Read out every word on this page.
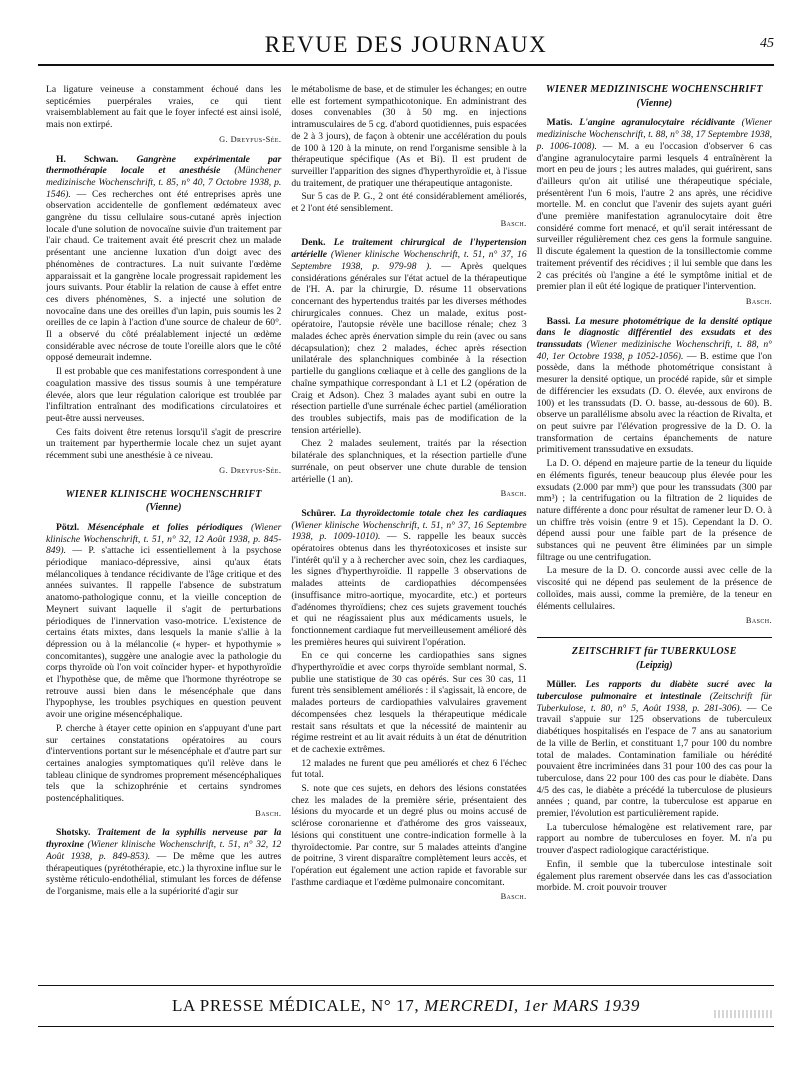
REVUE DES JOURNAUX	45

La ligature veineuse a constamment échoué dans les septicémies puerpérales vraies, ce qui tient vraisemblablement au fait que le foyer infecté est ainsi isolé, mais non extirpé.

G. Dreyfus-Sée.

H. Schwan. Gangrène expérimentale par thermothérapie locale et anesthésie (Münchener medizinische Wochenschrift, t. 85, n° 40, 7 Octobre 1938, p. 1546). — Ces recherches ont été entreprises après une observation accidentelle de gonflement œdémateux avec gangrène du tissu cellulaire sous-cutané après injection locale d'une solution de novocaïne suivie d'un traitement par l'air chaud. Ce traitement avait été prescrit chez un malade présentant une ancienne luxation d'un doigt avec des phénomènes de contractures. La nuit suivante l'œdème apparaissait et la gangrène locale progressait rapidement les jours suivants. Pour établir la relation de cause à effet entre ces divers phénomènes, S. a injecté une solution de novocaïne dans une des oreilles d'un lapin, puis soumis les 2 oreilles de ce lapin à l'action d'une source de chaleur de 60°. Il a observé du côté préalablement injecté un œdème considérable avec nécrose de toute l'oreille alors que le côté opposé demeurait indemne.

Il est probable que ces manifestations correspondent à une coagulation massive des tissus soumis à une température élevée, alors que leur régulation calorique est troublée par l'infiltration entraînant des modifications circulatoires et peut-être aussi nerveuses.

Ces faits doivent être retenus lorsqu'il s'agit de prescrire un traitement par hyperthermie locale chez un sujet ayant récemment subi une anesthésie à ce niveau.

G. Dreyfus-Sée.
WIENER KLINISCHE WOCHENSCHRIFT
(Vienne)

Pötzl. Mésencéphale et folies périodiques (Wiener klinische Wochenschrift, t. 51, n° 32, 12 Août 1938, p. 845-849). — P. s'attache ici essentiellement à la psychose périodique maniaco-dépressive, ainsi qu'aux états mélancoliques à tendance récidivante de l'âge critique et des années suivantes. Il rappelle l'absence de substratum anatomo-pathologique connu, et la vieille conception de Meynert suivant laquelle il s'agit de perturbations périodiques de l'innervation vaso-motrice. L'existence de certains états mixtes, dans lesquels la manie s'allie à la dépression ou à la mélancolie (« hyper- et hypothymie » concomitantes), suggère une analogie avec la pathologie du corps thyroïde où l'on voit coïncider hyper- et hypothyroïdie et l'hypothèse que, de même que l'hormone thyréotrope se retrouve aussi bien dans le mésencéphale que dans l'hypophyse, les troubles psychiques en question peuvent avoir une origine mésencéphalique.

P. cherche à étayer cette opinion en s'appuyant d'une part sur certaines constatations opératoires au cours d'interventions portant sur le mésencéphale et d'autre part sur certaines analogies symptomatiques qu'il relève dans le tableau clinique de syndromes proprement mésencéphaliques tels que la schizophrénie et certains syndromes postencéphalitiques.

Basch.

Shotsky. Traitement de la syphilis nerveuse par la thyroxine (Wiener klinische Wochenschrift, t. 51, n° 32, 12 Août 1938, p. 849-853). — De même que les autres thérapeutiques (pyrétothérapie, etc.) la thyroxine influe sur le système réticulo-endothélial, stimulant les forces de défense de l'organisme, mais elle a la supériorité d'agir sur

le métabolisme de base, et de stimuler les échanges; en outre elle est fortement sympathicotonique. En administrant des doses convenables (30 à 50 mg. en injections intramusculaires de 5 cg. d'abord quotidiennes, puis espacées de 2 à 3 jours), de façon à obtenir une accélération du pouls de 100 à 120 à la minute, on rend l'organisme sensible à la thérapeutique spécifique (As et Bi). Il est prudent de surveiller l'apparition des signes d'hyperthyroïdie et, à l'issue du traitement, de pratiquer une thérapeutique antagoniste.

Sur 5 cas de P. G., 2 ont été considérablement améliorés, et 2 l'ont été sensiblement.

Basch.

Denk. Le traitement chirurgical de l'hypertension artérielle (Wiener klinische Wochenschrift, t. 51, n° 37, 16 Septembre 1938, p. 979-98 ). — Après quelques considérations générales sur l'état actuel de la thérapeutique de l'H. A. par la chirurgie, D. résume 11 observations concernant des hypertendus traités par les diverses méthodes chirurgicales connues. Chez un malade, exitus post-opératoire, l'autopsie révèle une bacillose rénale; chez 3 malades échec après énervation simple du rein (avec ou sans décapsulation); chez 2 malades, échec après résection unilatérale des splanchniques combinée à la résection partielle du ganglions cœliaque et à celle des ganglions de la chaîne sympathique correspondant à L1 et L2 (opération de Craig et Adson). Chez 3 malades ayant subi en outre la résection partielle d'une surrénale échec partiel (amélioration des troubles subjectifs, mais pas de modification de la tension artérielle).

Chez 2 malades seulement, traités par la résection bilatérale des splanchniques, et la résection partielle d'une surrénale, on peut observer une chute durable de tension artérielle (1 an).

Basch.

Schürer. La thyroïdectomie totale chez les cardiaques (Wiener klinische Wochenschrift, t. 51, n° 37, 16 Septembre 1938, p. 1009-1010). — S. rappelle les beaux succès opératoires obtenus dans les thyréotoxicoses et insiste sur l'intérêt qu'il y a à rechercher avec soin, chez les cardiaques, les signes d'hyperthyroïdie. Il rappelle 3 observations de malades atteints de cardiopathies décompensées (insuffisance mitro-aortique, myocardite, etc.) et porteurs d'adénomes thyroïdiens; chez ces sujets gravement touchés et qui ne réagissaient plus aux médicaments usuels, le fonctionnement cardiaque fut merveilleusement amélioré dès les premières heures qui suivirent l'opération.

En ce qui concerne les cardiopathies sans signes d'hyperthyroïdie et avec corps thyroïde semblant normal, S. publie une statistique de 30 cas opérés. Sur ces 30 cas, 11 furent très sensiblement améliorés : il s'agissait, là encore, de malades porteurs de cardiopathies valvulaires gravement décompensées chez lesquels la thérapeutique médicale restait sans résultats et que la nécessité de maintenir au régime restreint et au lit avait réduits à un état de dénutrition et de cachexie extrêmes.

12 malades ne furent que peu améliorés et chez 6 l'échec fut total.

S. note que ces sujets, en dehors des lésions constatées chez les malades de la première série, présentaient des lésions du myocarde et un degré plus ou moins accusé de sclérose coronarienne et d'athérome des gros vaisseaux, lésions qui constituent une contre-indication formelle à la thyroïdectomie. Par contre, sur 5 malades atteints d'angine de poitrine, 3 virent disparaître complètement leurs accès, et l'opération eut également une action rapide et favorable sur l'asthme cardiaque et l'œdème pulmonaire concomitant.

Basch.
WIENER MEDIZINISCHE WOCHENSCHRIFT
(Vienne)

Matis. L'angine agranulocytaire récidivante (Wiener medizinische Wochenschrift, t. 88, n° 38, 17 Septembre 1938, p. 1006-1008). — M. a eu l'occasion d'observer 6 cas d'angine agranulocytaire parmi lesquels 4 entraînèrent la mort en peu de jours ; les autres malades, qui guérirent, sans d'ailleurs qu'on ait utilisé une thérapeutique spéciale, présentèrent l'un 6 mois, l'autre 2 ans après, une récidive mortelle. M. en conclut que l'avenir des sujets ayant guéri d'une première manifestation agranulocytaire doit être considéré comme fort menacé, et qu'il serait intéressant de surveiller régulièrement chez ces gens la formule sanguine. Il discute également la question de la tonsillectomie comme traitement préventif des récidives ; il lui semble que dans les 2 cas précités où l'angine a été le symptôme initial et de premier plan il eût été logique de pratiquer l'intervention.

Basch.

Bassi. La mesure photométrique de la densité optique dans le diagnostic différentiel des exsudats et des transsudats (Wiener medizinische Wochenschrift, t. 88, n° 40, 1er Octobre 1938, p 1052-1056). — B. estime que l'on possède, dans la méthode photométrique consistant à mesurer la densité optique, un procédé rapide, sûr et simple de différencier les exsudats (D. O. élevée, aux environs de 100) et les transsudats (D. O. basse, au-dessous de 60). B. observe un parallélisme absolu avec la réaction de Rivalta, et on peut suivre par l'élévation progressive de la D. O. la transformation de certains épanchements de nature primitivement transsudative en exsudats.

La D. O. dépend en majeure partie de la teneur du liquide en éléments figurés, teneur beaucoup plus élevée pour les exsudats (2.000 par mm³) que pour les transsudats (300 par mm³) ; la centrifugation ou la filtration de 2 liquides de nature différente a donc pour résultat de ramener leur D. O. à un chiffre très voisin (entre 9 et 15). Cependant la D. O. dépend aussi pour une faible part de la présence de substances qui ne peuvent être éliminées par un simple filtrage ou une centrifugation.

La mesure de la D. O. concorde aussi avec celle de la viscosité qui ne dépend pas seulement de la présence de colloïdes, mais aussi, comme la première, de la teneur en éléments cellulaires.

Basch.
ZEITSCHRIFT für TUBERKULOSE
(Leipzig)

Müller. Les rapports du diabète sucré avec la tuberculose pulmonaire et intestinale (Zeitschrift für Tuberkulose, t. 80, n° 5, Août 1938, p. 281-306). — Ce travail s'appuie sur 125 observations de tuberculeux diabétiques hospitalisés en l'espace de 7 ans au sanatorium de la ville de Berlin, et constituant 1,7 pour 100 du nombre total de malades. Contamination familiale ou hérédité pouvaient être incriminées dans 31 pour 100 des cas pour la tuberculose, dans 22 pour 100 des cas pour le diabète. Dans 4/5 des cas, le diabète a précédé la tuberculose de plusieurs années ; quand, par contre, la tuberculose est apparue en premier, l'évolution est particulièrement rapide.

La tuberculose hémalogène est relativement rare, par rapport au nombre de tuberculoses en foyer. M. n'a pu trouver d'aspect radiologique caractéristique.

Enfin, il semble que la tuberculose intestinale soit également plus rarement observée dans les cas d'association morbide. M. croit pouvoir trouver

LA PRESSE MÉDICALE, N° 17, MERCREDI, 1er MARS 1939
